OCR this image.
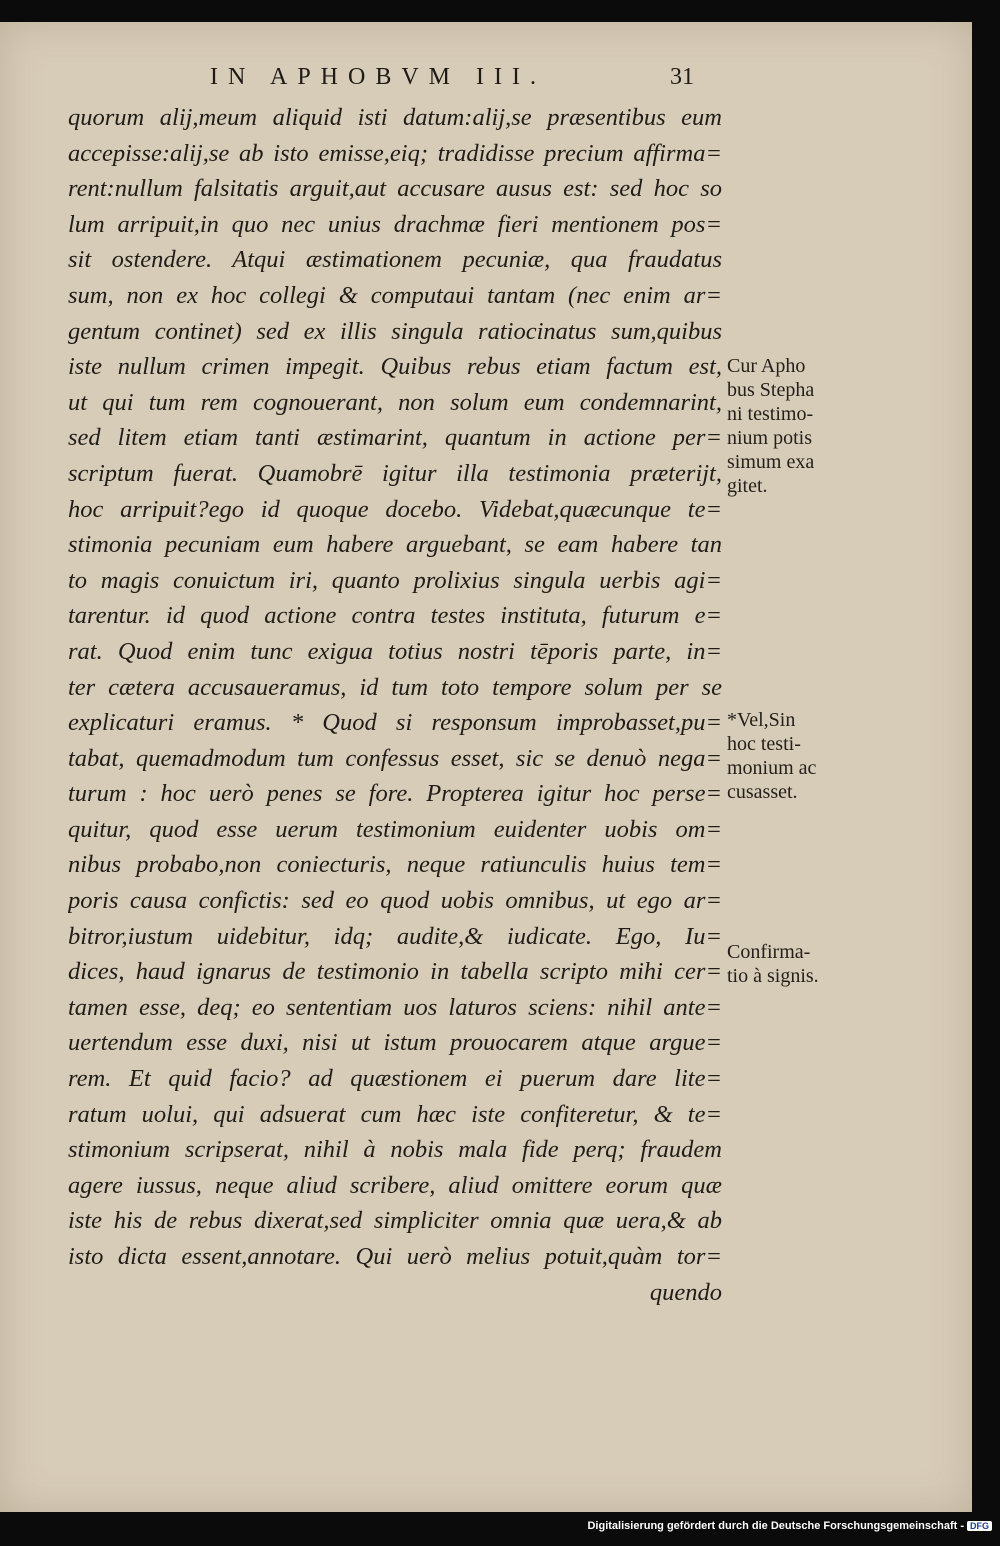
IN APHOBVM III.	31
quorum alij,meum aliquid isti datum:alij,se præsentibus eum
accepisse:alij,se ab isto emisse,eiq; tradidisse precium affirma=
rent:nullum falsitatis arguit,aut accusare ausus est: sed hoc so
lum arripuit,in quo nec unius drachmæ fieri mentionem pos=
sit ostendere. Atqui æstimationem pecuniæ, qua fraudatus
sum, non ex hoc collegi & computaui tantam (nec enim ar=
gentum continet) sed ex illis singula ratiocinatus sum,quibus
iste nullum crimen impegit. Quibus rebus etiam factum est,
ut qui tum rem cognouerant, non solum eum condemnarint,
sed litem etiam tanti æstimarint, quantum in actione per=
scriptum fuerat. Quamobrē igitur illa testimonia præterijt,
hoc arripuit?ego id quoque docebo. Videbat,quæcunque te=
stimonia pecuniam eum habere arguebant, se eam habere tan
to magis conuictum iri, quanto prolixius singula uerbis agi=
tarentur. id quod actione contra testes instituta, futurum e=
rat. Quod enim tunc exigua totius nostri tēporis parte, in=
ter cætera accusaueramus, id tum toto tempore solum per se
explicaturi eramus. * Quod si responsum improbasset,pu=
tabat, quemadmodum tum confessus esset, sic se denuò nega=
turum : hoc uerò penes se fore. Propterea igitur hoc perse=
quitur, quod esse uerum testimonium euidenter uobis om=
nibus probabo,non coniecturis, neque ratiunculis huius tem=
poris causa confictis: sed eo quod uobis omnibus, ut ego ar=
bitror,iustum uidebitur, idq; audite,& iudicate. Ego, Iu=
dices, haud ignarus de testimonio in tabella scripto mihi cer=
tamen esse, deq; eo sententiam uos laturos sciens: nihil ante=
uertendum esse duxi, nisi ut istum prouocarem atque argue=
rem. Et quid facio? ad quæstionem ei puerum dare lite=
ratum uolui, qui adsuerat cum hæc iste confiteretur, & te=
stimonium scripserat, nihil à nobis mala fide perq; fraudem
agere iussus, neque aliud scribere, aliud omittere eorum quæ
iste his de rebus dixerat,sed simpliciter omnia quæ uera,& ab
isto dicta essent,annotare. Qui uerò melius potuit,quàm tor=
quendo
Cur Apho
bus Stepha
ni testimo-
nium potis
simum exa
gitet.
*Vel,Sin
hoc testi-
monium ac
cusasset.
Confirma-
tio à signis.
Digitalisierung gefördert durch die Deutsche Forschungsgemeinschaft - DFG
